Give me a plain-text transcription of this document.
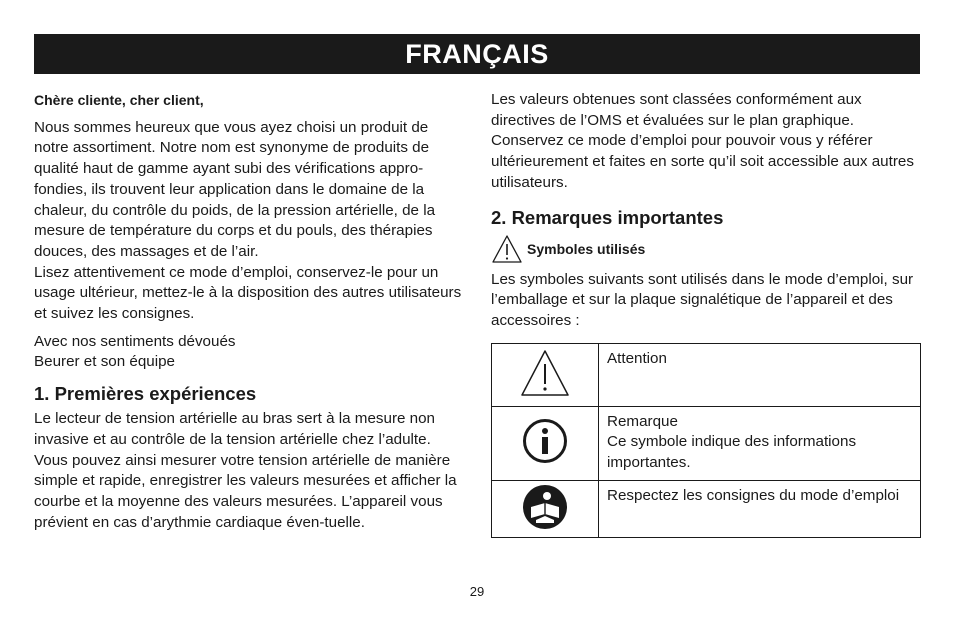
FRANÇAIS

Chère cliente, cher client,

Nous sommes heureux que vous ayez choisi un produit de notre assortiment. Notre nom est synonyme de produits de qualité haut de gamme ayant subi des vérifications appro-fondies, ils trouvent leur application dans le domaine de la chaleur, du contrôle du poids, de la pression artérielle, de la mesure de température du corps et du pouls, des thérapies douces, des massages et de l’air.

Lisez attentivement ce mode d’emploi, conservez-le pour un usage ultérieur, mettez-le à la disposition des autres utilisateurs et suivez les consignes.

Avec nos sentiments dévoués

Beurer et son équipe

1. Premières expériences

Le lecteur de tension artérielle au bras sert à la mesure non invasive et au contrôle de la tension artérielle chez l’adulte. Vous pouvez ainsi mesurer votre tension artérielle de manière simple et rapide, enregistrer les valeurs mesurées et afficher la courbe et la moyenne des valeurs mesurées. L’appareil vous prévient en cas d’arythmie cardiaque éven-tuelle.

Les valeurs obtenues sont classées conformément aux directives de l’OMS et évaluées sur le plan graphique. Conservez ce mode d’emploi pour pouvoir vous y référer ultérieurement et faites en sorte qu’il soit accessible aux autres utilisateurs.

2. Remarques importantes
Symboles utilisés

Les symboles suivants sont utilisés dans le mode d’emploi, sur l’emballage et sur la plaque signalétique de l’appareil et des accessoires :

Attention

Remarque

Ce symbole indique des informations importantes.

Respectez les consignes du mode d’emploi

29
